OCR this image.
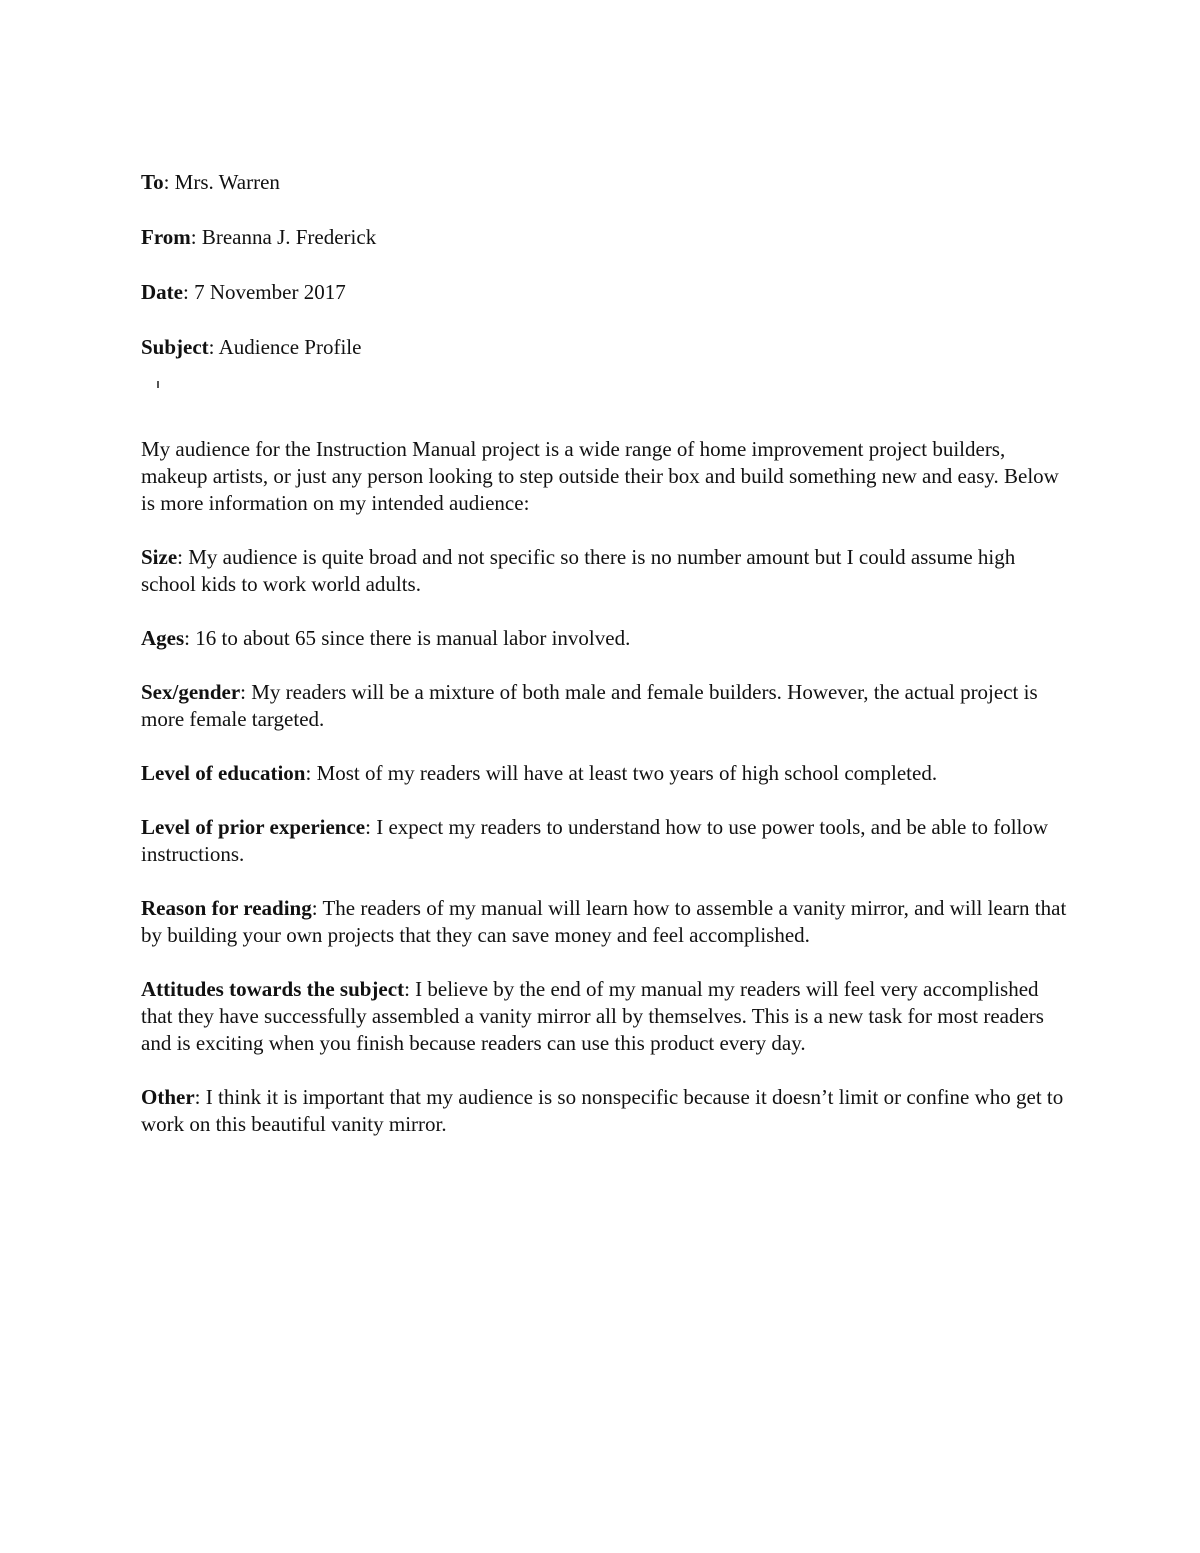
To: Mrs. Warren
From: Breanna J. Frederick
Date: 7 November 2017
Subject: Audience Profile

My audience for the Instruction Manual project is a wide range of home improvement project builders, makeup artists, or just any person looking to step outside their box and build something new and easy. Below is more information on my intended audience:

Size: My audience is quite broad and not specific so there is no number amount but I could assume high school kids to work world adults.

Ages: 16 to about 65 since there is manual labor involved.

Sex/gender: My readers will be a mixture of both male and female builders. However, the actual project is more female targeted.

Level of education: Most of my readers will have at least two years of high school completed.

Level of prior experience: I expect my readers to understand how to use power tools, and be able to follow instructions.

Reason for reading: The readers of my manual will learn how to assemble a vanity mirror, and will learn that by building your own projects that they can save money and feel accomplished.

Attitudes towards the subject: I believe by the end of my manual my readers will feel very accomplished that they have successfully assembled a vanity mirror all by themselves. This is a new task for most readers and is exciting when you finish because readers can use this product every day.

Other: I think it is important that my audience is so nonspecific because it doesn’t limit or confine who get to work on this beautiful vanity mirror.
